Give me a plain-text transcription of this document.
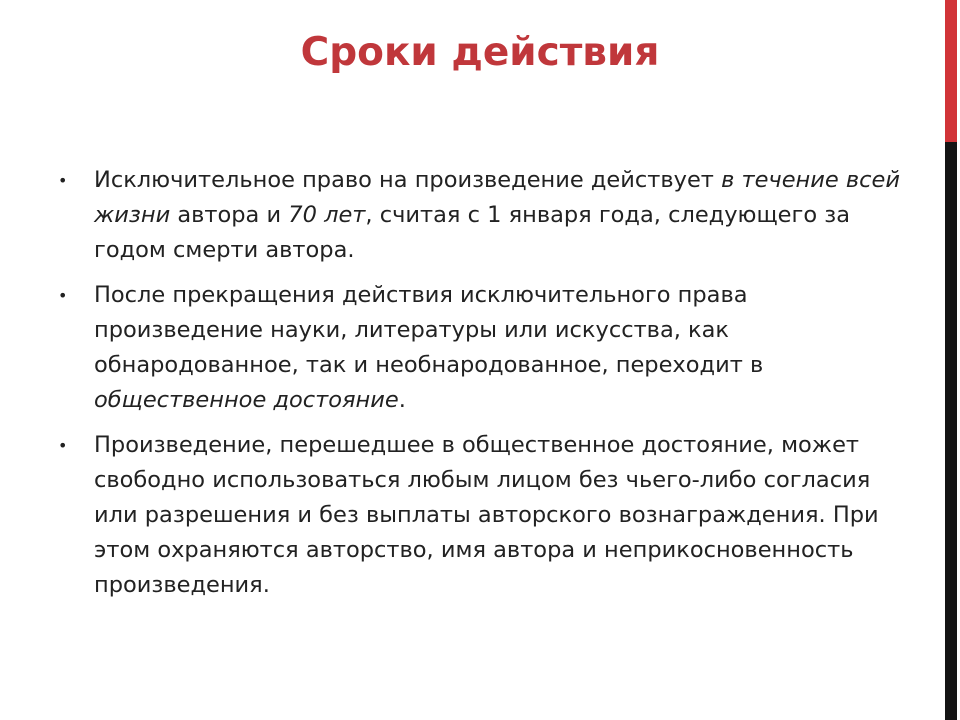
Сроки действия
• Исключительное право на произведение действует в течение всей жизни автора и 70 лет, считая с 1 января года, следующего за годом смерти автора.
• После прекращения действия исключительного права произведение науки, литературы или искусства, как обнародованное, так и необнародованное, переходит в общественное достояние.
• Произведение, перешедшее в общественное достояние, может свободно использоваться любым лицом без чьего-либо согласия или разрешения и без выплаты авторского вознаграждения. При этом охраняются авторство, имя автора и неприкосновенность произведения.
